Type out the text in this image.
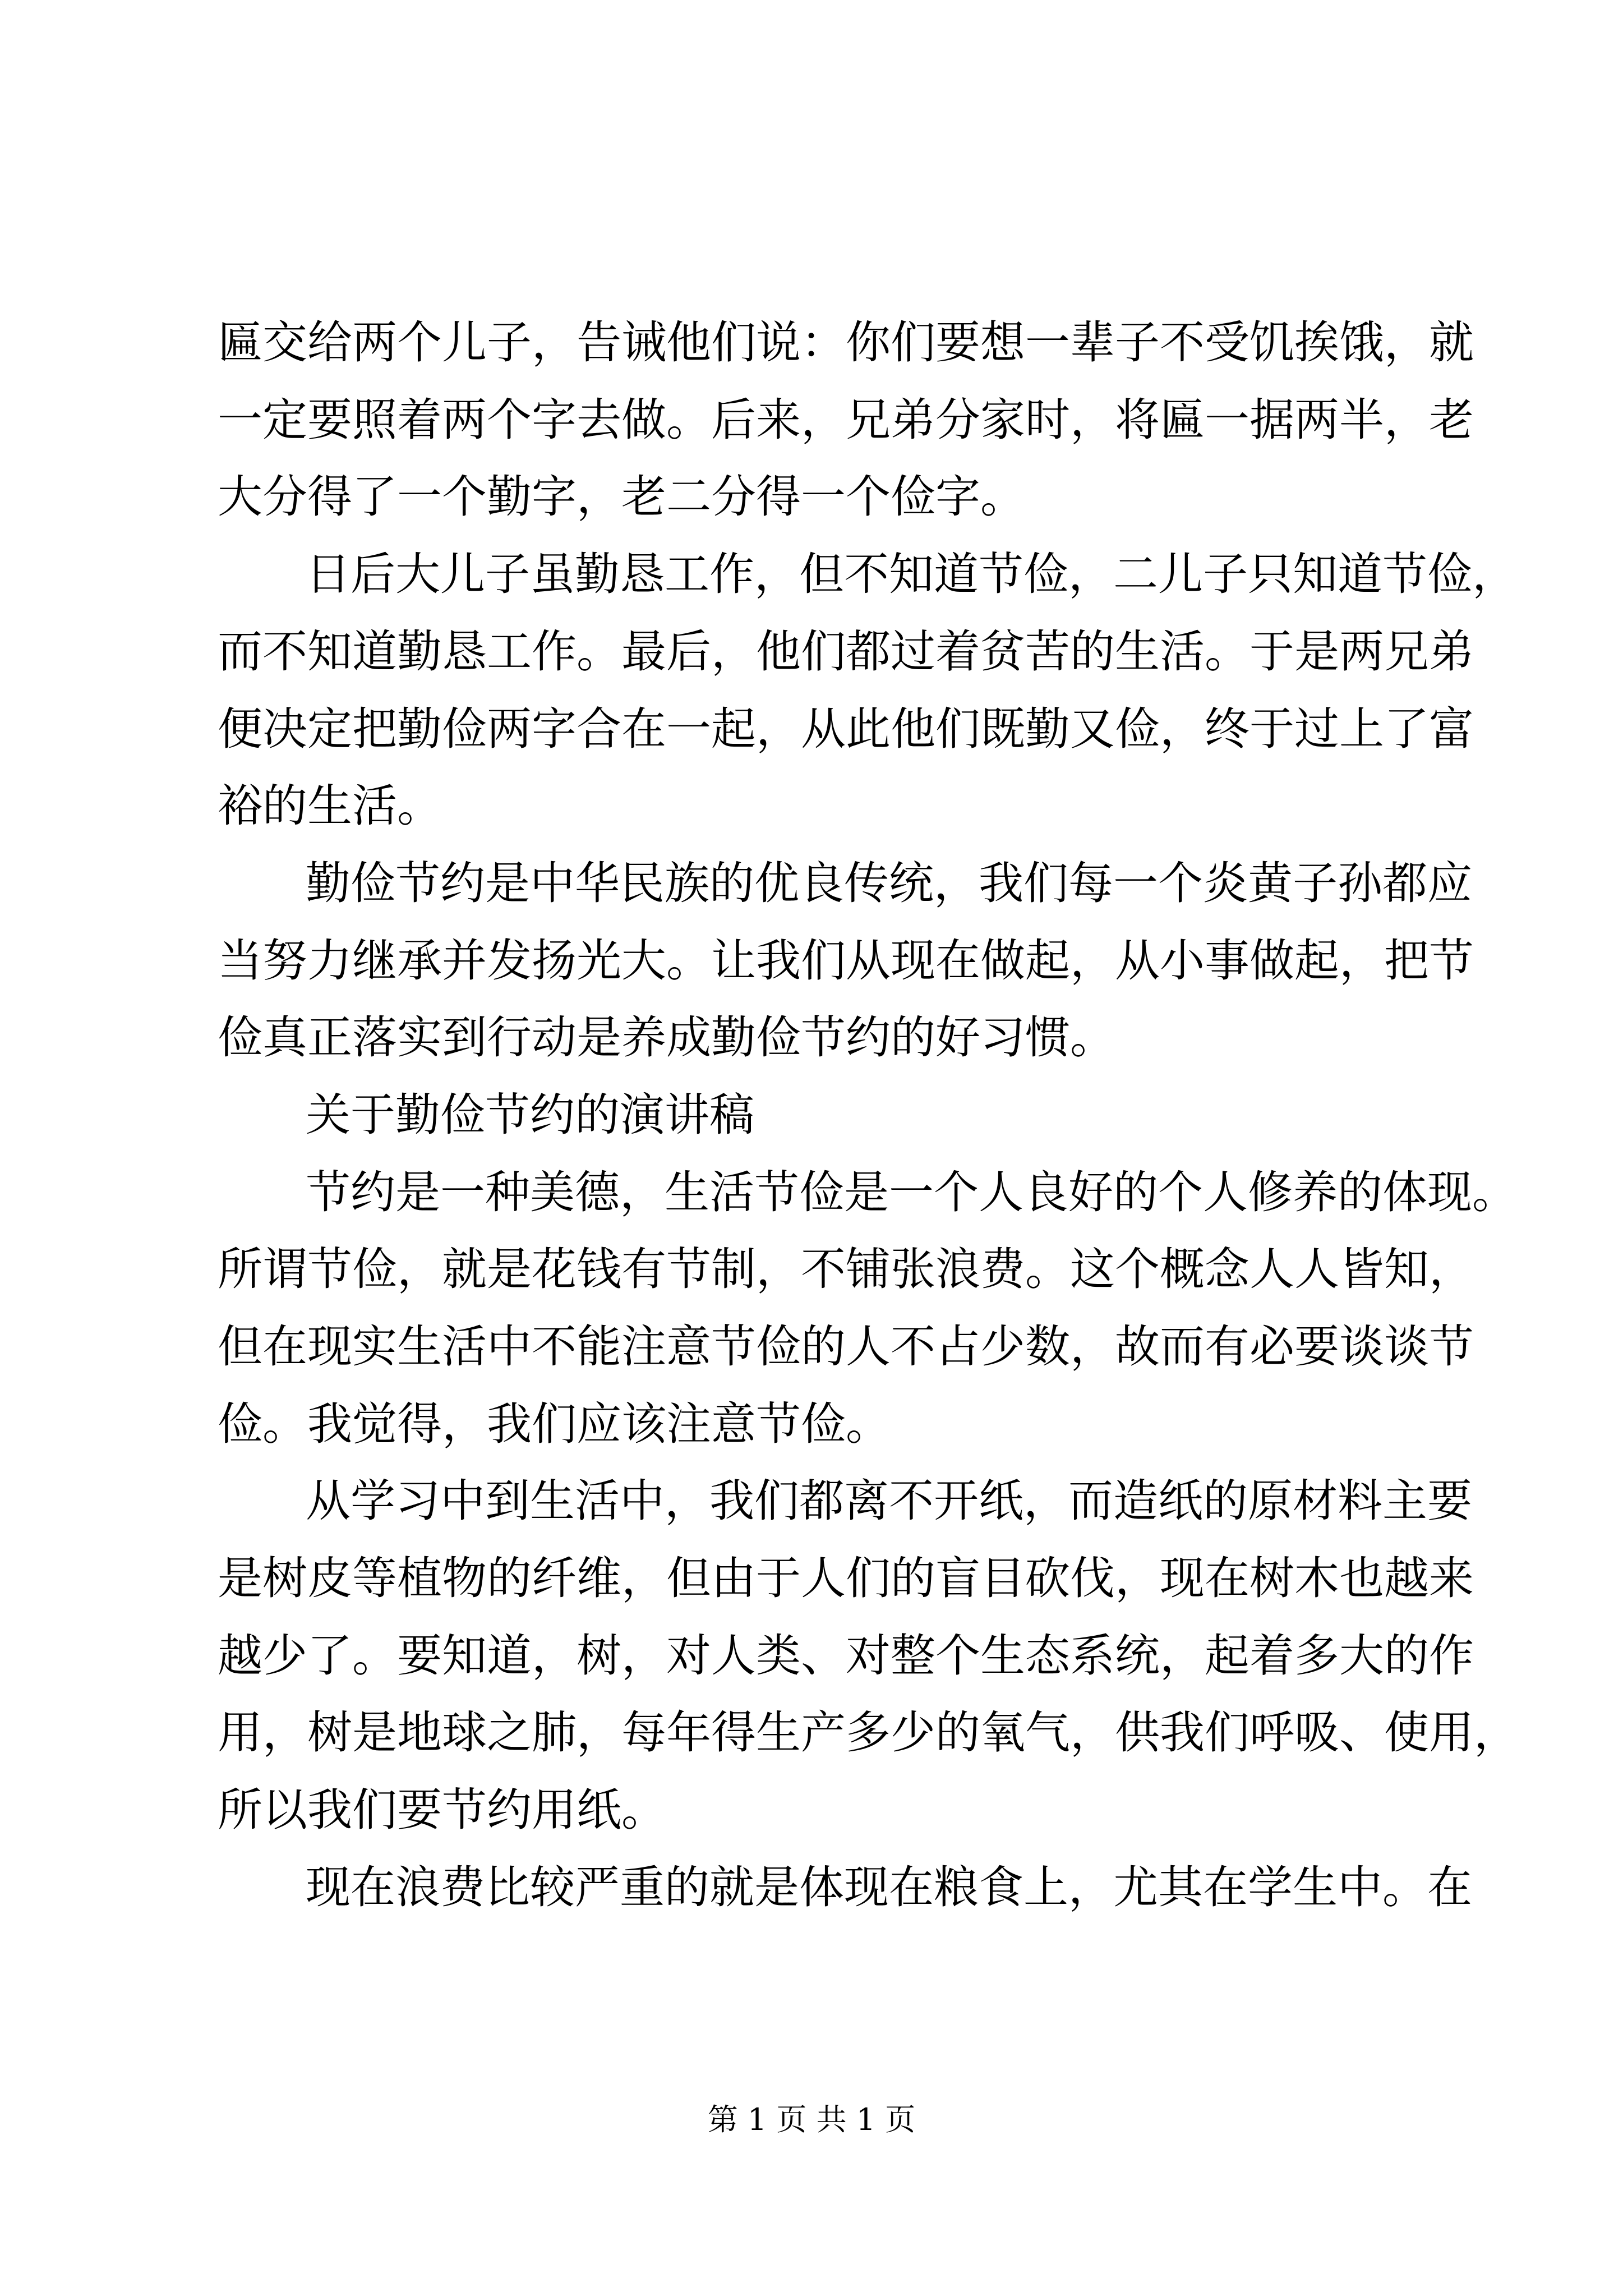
匾交给两个儿子，告诫他们说：你们要想一辈子不受饥挨饿，就
一定要照着两个字去做。后来，兄弟分家时，将匾一据两半，老
大分得了一个勤字，老二分得一个俭字。
日后大儿子虽勤恳工作，但不知道节俭，二儿子只知道节俭，
而不知道勤恳工作。最后，他们都过着贫苦的生活。于是两兄弟
便决定把勤俭两字合在一起，从此他们既勤又俭，终于过上了富
裕的生活。
勤俭节约是中华民族的优良传统，我们每一个炎黄子孙都应
当努力继承并发扬光大。让我们从现在做起，从小事做起，把节
俭真正落实到行动是养成勤俭节约的好习惯。
关于勤俭节约的演讲稿
节约是一种美德，生活节俭是一个人良好的个人修养的体现。
所谓节俭，就是花钱有节制，不铺张浪费。这个概念人人皆知，
但在现实生活中不能注意节俭的人不占少数，故而有必要谈谈节
俭。我觉得，我们应该注意节俭。
从学习中到生活中，我们都离不开纸，而造纸的原材料主要
是树皮等植物的纤维，但由于人们的盲目砍伐，现在树木也越来
越少了。要知道，树，对人类、对整个生态系统，起着多大的作
用，树是地球之肺，每年得生产多少的氧气，供我们呼吸、使用，
所以我们要节约用纸。
现在浪费比较严重的就是体现在粮食上，尤其在学生中。在
第 1 页 共 1 页
